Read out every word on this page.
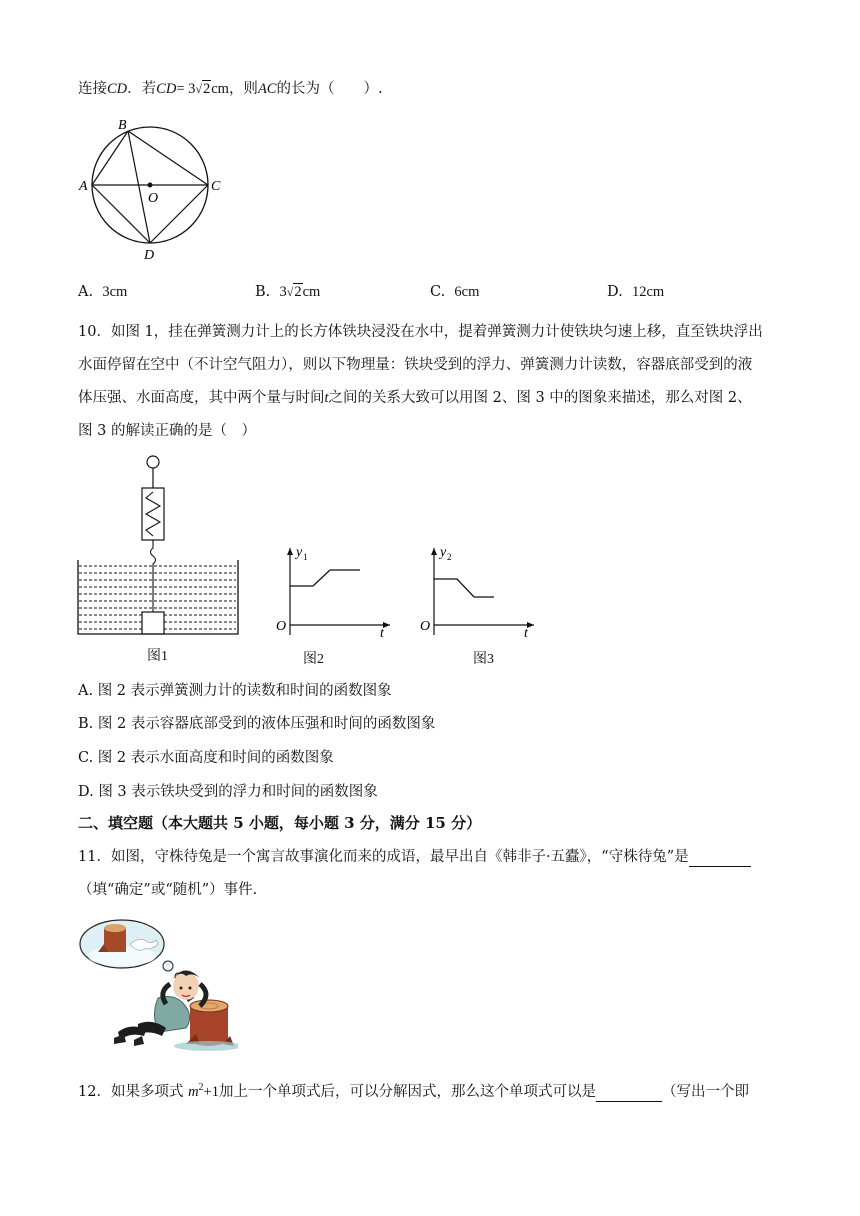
连接CD．若CD= 3√2cm，则AC的长为（　　）.
B
A	C
O
D
A. 3cm	B. 3√2cm	C. 6cm	D. 12cm
10．如图 1，挂在弹簧测力计上的长方体铁块浸没在水中，提着弹簧测力计使铁块匀速上移，直至铁块浮出
水面停留在空中（不计空气阻力），则以下物理量：铁块受到的浮力、弹簧测力计读数，容器底部受到的液
体压强、水面高度，其中两个量与时间t之间的关系大致可以用图 2、图 3 中的图象来描述，那么对图 2、
图 3 的解读正确的是（　）
图1
y 1
O	t
图2
y 2
O	t
图3
A. 图 2 表示弹簧测力计的读数和时间的函数图象
B. 图 2 表示容器底部受到的液体压强和时间的函数图象
C. 图 2 表示水面高度和时间的函数图象
D. 图 3 表示铁块受到的浮力和时间的函数图象
二、填空题（本大题共 5 小题，每小题 3 分，满分 15 分）
11．如图，守株待兔是一个寓言故事演化而来的成语，最早出自《韩非子·五蠹》，“守株待兔”是
（填“确定”或“随机”）事件.
12．如果多项式 $m^2+1$加上一个单项式后，可以分解因式，那么这个单项式可以是	（写出一个即
